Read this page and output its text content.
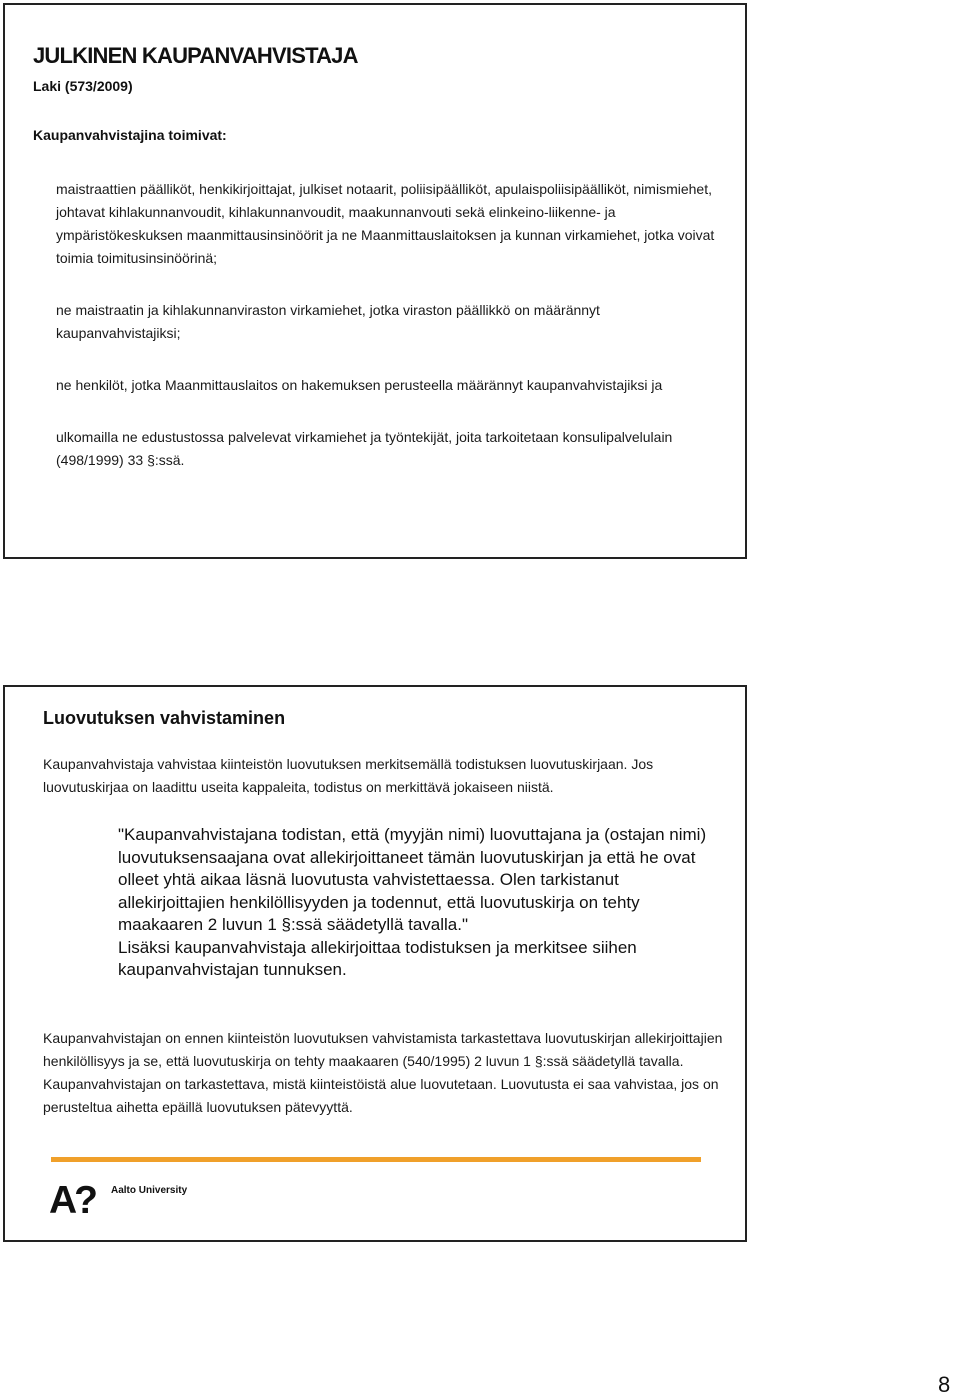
JULKINEN KAUPANVAHVISTAJA

Laki (573/2009)

Kaupanvahvistajina toimivat:

maistraattien päälliköt, henkikirjoittajat, julkiset notaarit, poliisipäälliköt, apulaispoliisipäälliköt, nimismiehet, johtavat kihlakunnanvoudit, kihlakunnanvoudit, maakunnanvouti sekä elinkeino-liikenne- ja ympäristökeskuksen maanmittausinsinöörit ja ne Maanmittauslaitoksen ja kunnan virkamiehet, jotka voivat toimia toimitusinsinöörinä;

ne maistraatin ja kihlakunnanviraston virkamiehet, jotka viraston päällikkö on määrännyt kaupanvahvistajiksi;

ne henkilöt, jotka Maanmittauslaitos on hakemuksen perusteella määrännyt kaupanvahvistajiksi ja

ulkomailla ne edustustossa palvelevat virkamiehet ja työntekijät, joita tarkoitetaan konsulipalvelulain (498/1999) 33 §:ssä.

Luovutuksen vahvistaminen

Kaupanvahvistaja vahvistaa kiinteistön luovutuksen merkitsemällä todistuksen luovutuskirjaan. Jos luovutuskirjaa on laadittu useita kappaleita, todistus on merkittävä jokaiseen niistä.

"Kaupanvahvistajana todistan, että (myyjän nimi) luovuttajana ja (ostajan nimi) luovutuksensaajana ovat allekirjoittaneet tämän luovutuskirjan ja että he ovat olleet yhtä aikaa läsnä luovutusta vahvistettaessa. Olen tarkistanut allekirjoittajien henkilöllisyyden ja todennut, että luovutuskirja on tehty maakaaren 2 luvun 1 §:ssä säädetyllä tavalla."

Lisäksi kaupanvahvistaja allekirjoittaa todistuksen ja merkitsee siihen kaupanvahvistajan tunnuksen.

Kaupanvahvistajan on ennen kiinteistön luovutuksen vahvistamista tarkastettava luovutuskirjan allekirjoittajien henkilöllisyys ja se, että luovutuskirja on tehty maakaaren (540/1995) 2 luvun 1 §:ssä säädetyllä tavalla. Kaupanvahvistajan on tarkastettava, mistä kiinteistöistä alue luovutetaan. Luovutusta ei saa vahvistaa, jos on perusteltua aihetta epäillä luovutuksen pätevyyttä.

A? Aalto University
8
